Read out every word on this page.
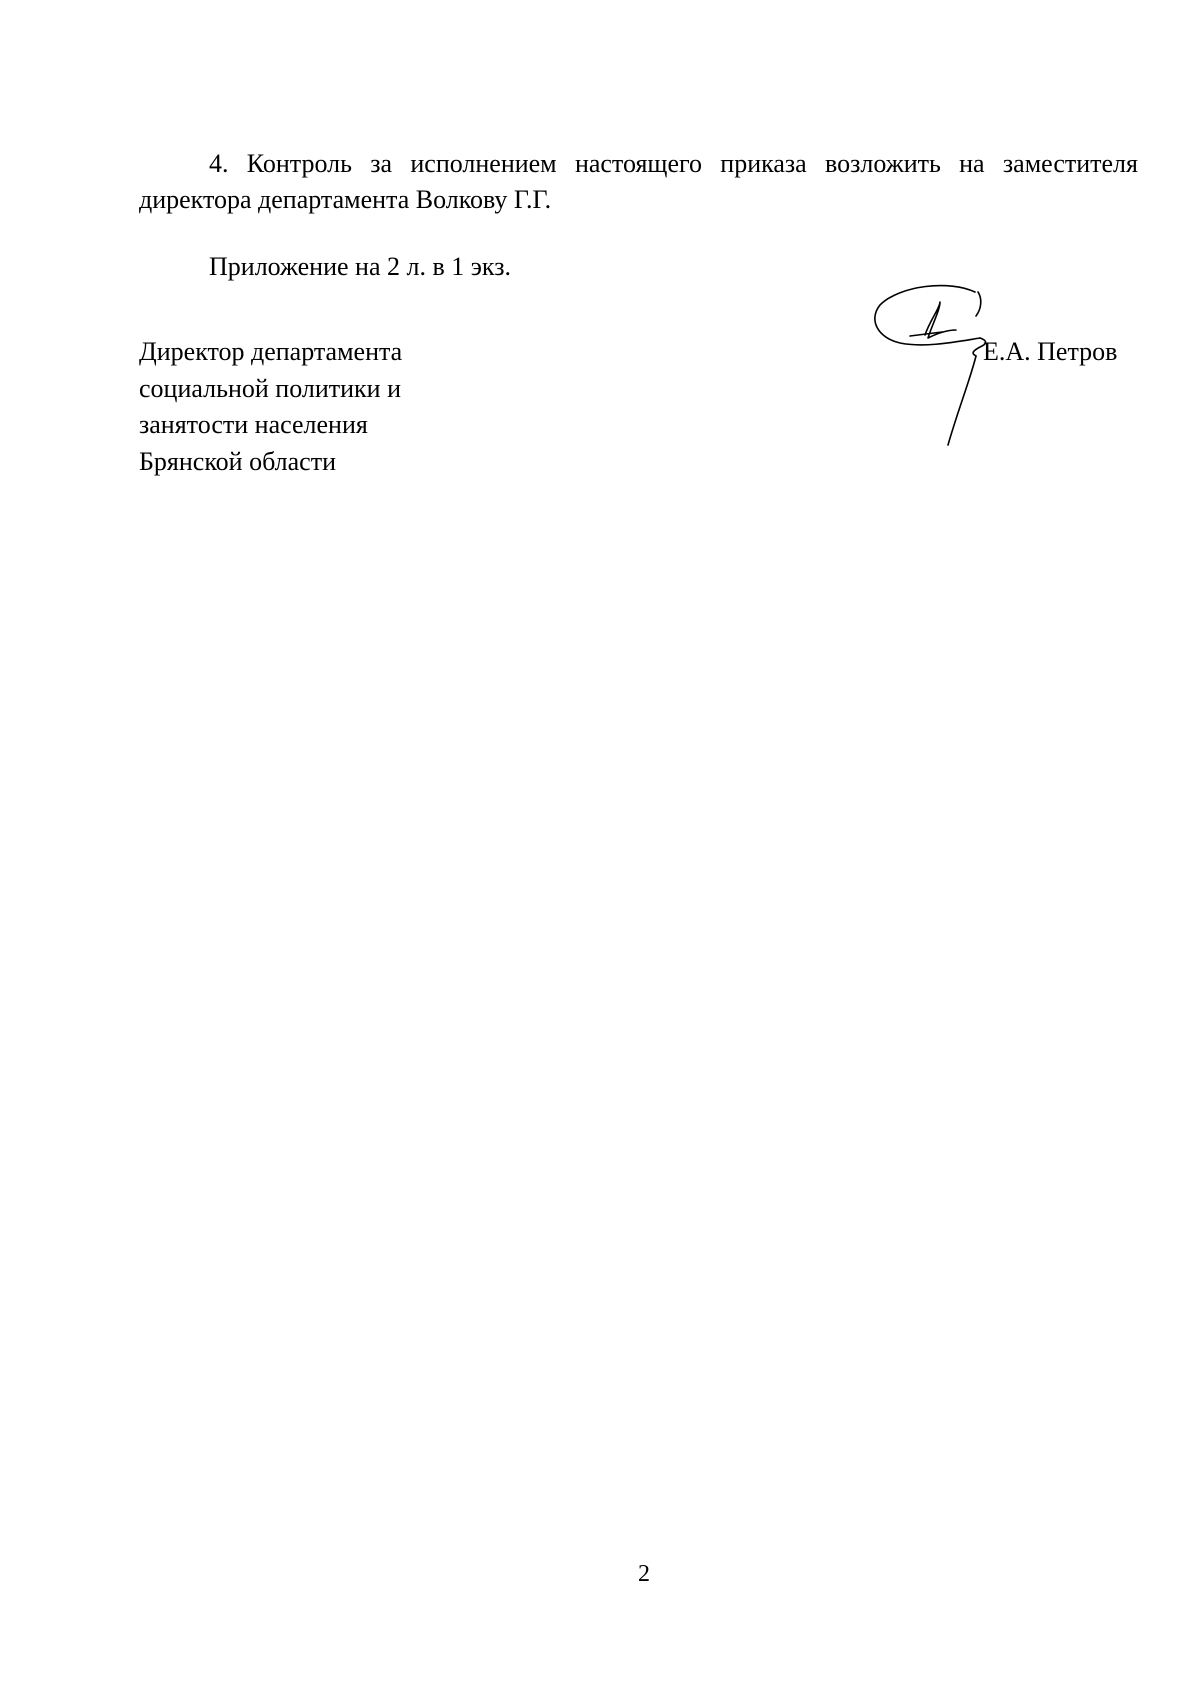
4. Контроль за исполнением настоящего приказа возложить на заместителя директора департамента Волкову Г.Г.

Приложение на 2 л. в 1 экз.

Директор департамента
социальной политики и
занятости населения
Брянской области
Е.А. Петров
2
